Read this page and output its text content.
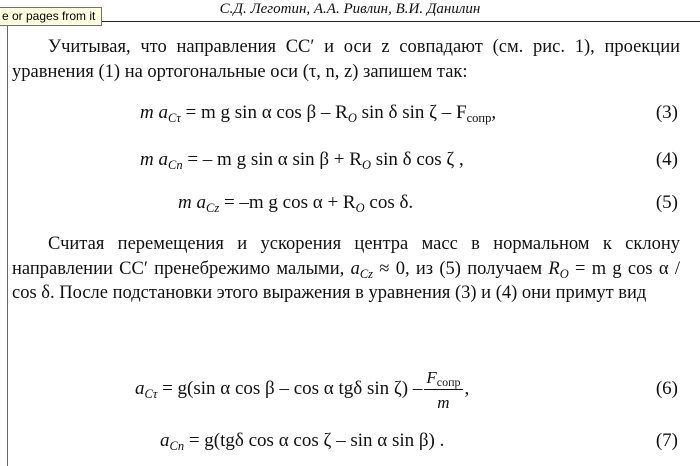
e or pages from it	С.Д. Леготин, А.А. Ривлин, В.И. Данилин
Учитывая, что направления CC′ и оси z совпадают (см. рис. 1), проекции уравнения (1) на ортогональные оси (τ, n, z) запишем так:
m $a_{C\tau} = m$ g sin α cos β – $R_O$ sin δ sin ζ – $F_{сопр}$,	(3)
m $a_{Cn}$ = – m g sin α $\sin \beta + R_O$ sin δ cos ζ ,	(4)
m $a_{Cz} = -m$ g $\cos \alpha + R_O$ cos δ.	(5)
Считая перемещения и ускорения центра масс в нормальном к склону направлении CC′ пренебрежимо малыми, $a_{Cz} \approx 0$, из (5) получаем $R_O = m$ g cos α / cos δ. После подстановки этого выражения в уравнения (3) и (4) они примут вид
$a_{C\tau} = g(\sin$ α cos β – cos α tgδ $\sin \zeta) - \frac{F_{сопр}}{m}$ ,	(6)
$a_{Cn} = g(tg\delta$ cos α cos ζ – sin α sin β) .	(7)
